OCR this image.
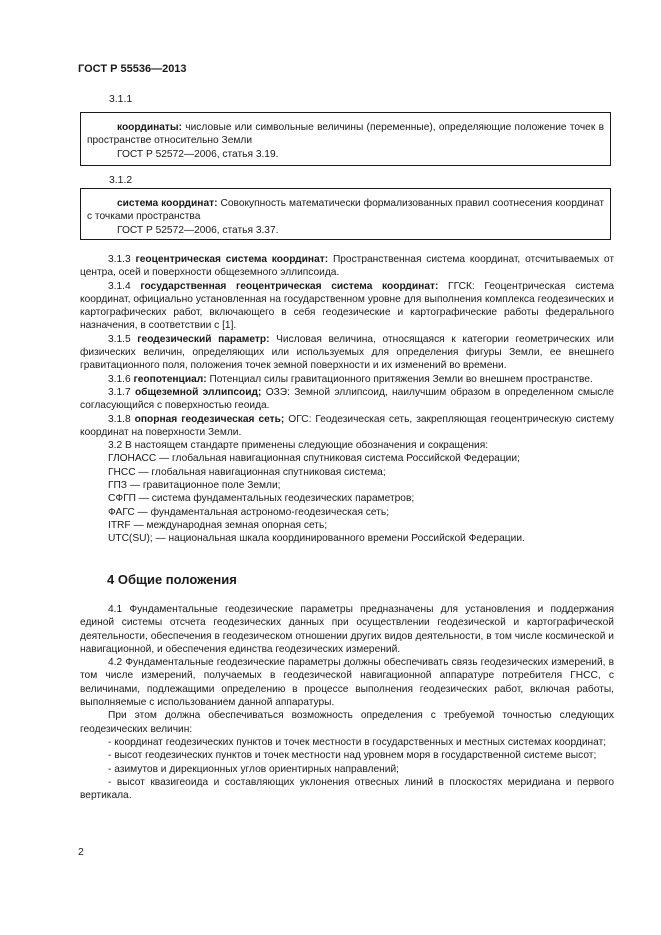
ГОСТ Р 55536—2013
3.1.1

координаты: числовые или символьные величины (переменные), определяющие положение точек в пространстве относительно Земли

ГОСТ Р 52572—2006, статья 3.19.

3.1.2

система координат: Совокупность математически формализованных правил соотнесения координат с точками пространства

ГОСТ Р 52572—2006, статья 3.37.

3.1.3 геоцентрическая система координат: Пространственная система координат, отсчитываемых от центра, осей и поверхности общеземного эллипсоида.

3.1.4 государственная геоцентрическая система координат: ГГСК: Геоцентрическая система координат, официально установленная на государственном уровне для выполнения комплекса геодезических и картографических работ, включающего в себя геодезические и картографические работы федерального назначения, в соответствии с [1].

3.1.5 геодезический параметр: Числовая величина, относящаяся к категории геометрических или физических величин, определяющих или используемых для определения фигуры Земли, ее внешнего гравитационного поля, положения точек земной поверхности и их изменений во времени.

3.1.6 геопотенциал: Потенциал силы гравитационного притяжения Земли во внешнем пространстве.

3.1.7 общеземной эллипсоид; ОЗЭ: Земной эллипсоид, наилучшим образом в определенном смысле согласующийся с поверхностью геоида.

3.1.8 опорная геодезическая сеть; ОГС: Геодезическая сеть, закрепляющая геоцентрическую систему координат на поверхности Земли.

3.2 В настоящем стандарте применены следующие обозначения и сокращения:

ГЛОНАСС — глобальная навигационная спутниковая система Российской Федерации;

ГНСС — глобальная навигационная спутниковая система;

ГПЗ — гравитационное поле Земли;

СФГП — система фундаментальных геодезических параметров;

ФАГС — фундаментальная астрономо-геодезическая сеть;

ITRF — международная земная опорная сеть;

UTC(SU); — национальная шкала координированного времени Российской Федерации.

4 Общие положения

4.1 Фундаментальные геодезические параметры предназначены для установления и поддержания единой системы отсчета геодезических данных при осуществлении геодезической и картографической деятельности, обеспечения в геодезическом отношении других видов деятельности, в том числе космической и навигационной, и обеспечения единства геодезических измерений.

4.2 Фундаментальные геодезические параметры должны обеспечивать связь геодезических измерений, в том числе измерений, получаемых в геодезической навигационной аппаратуре потребителя ГНСС, с величинами, подлежащими определению в процессе выполнения геодезических работ, включая работы, выполняемые с использованием данной аппаратуры.

При этом должна обеспечиваться возможность определения с требуемой точностью следующих геодезических величин:

- координат геодезических пунктов и точек местности в государственных и местных системах координат;

- высот геодезических пунктов и точек местности над уровнем моря в государственной системе высот;

- азимутов и дирекционных углов ориентирных направлений;

- высот квазигеоида и составляющих уклонения отвесных линий в плоскостях меридиана и первого вертикала.

2
